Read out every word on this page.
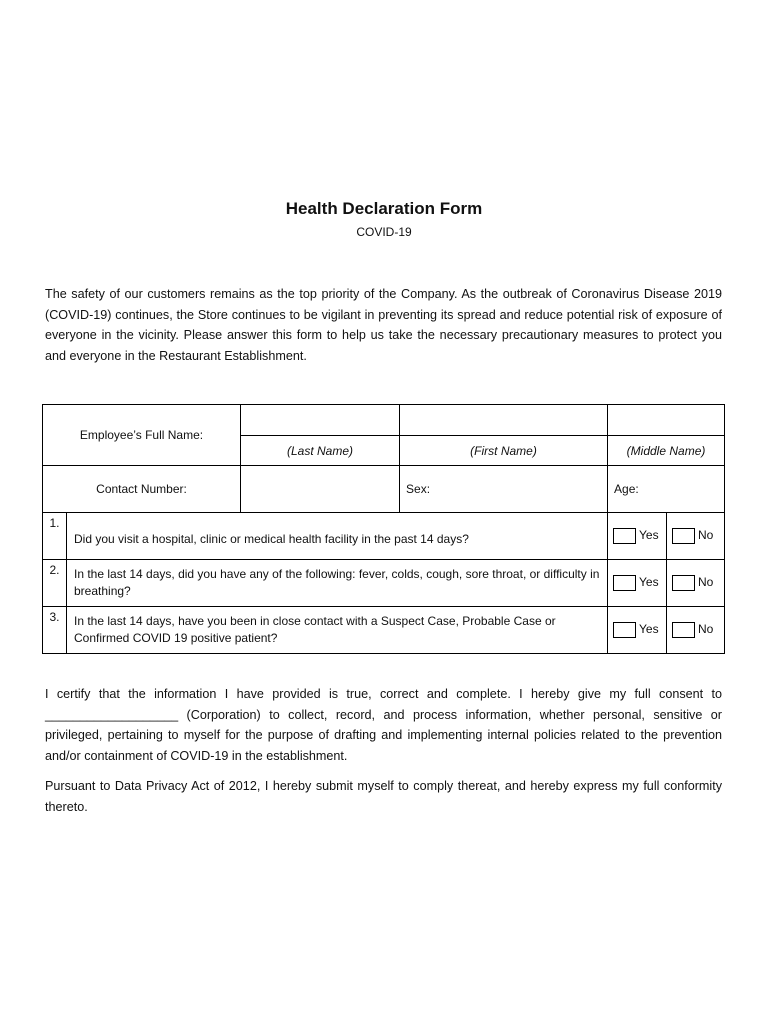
Health Declaration Form
COVID-19

The safety of our customers remains as the top priority of the Company. As the outbreak of Coronavirus Disease 2019 (COVID-19) continues, the Store continues to be vigilant in preventing its spread and reduce potential risk of exposure of everyone in the vicinity. Please answer this form to help us take the necessary precautionary measures to protect you and everyone in the Restaurant Establishment.

Employee’s Full Name:					
		(Last Name)	(First Name)	(Middle Name)	
Contact Number:			Sex:	Age:	
1.	Did you visit a hospital, clinic or medical health facility in the past 14 days?			Yes	No
2.	In the last 14 days, did you have any of the following: fever, colds, cough, sore throat, or difficulty in breathing?			Yes	No
3.	In the last 14 days, have you been in close contact with a Suspect Case, Probable Case or Confirmed COVID 19 positive patient?			Yes	No

I certify that the information I have provided is true, correct and complete. I hereby give my full consent to ___________________ (Corporation) to collect, record, and process information, whether personal, sensitive or privileged, pertaining to myself for the purpose of drafting and implementing internal policies related to the prevention and/or containment of COVID-19 in the establishment.

Pursuant to Data Privacy Act of 2012, I hereby submit myself to comply thereat, and hereby express my full conformity thereto.
